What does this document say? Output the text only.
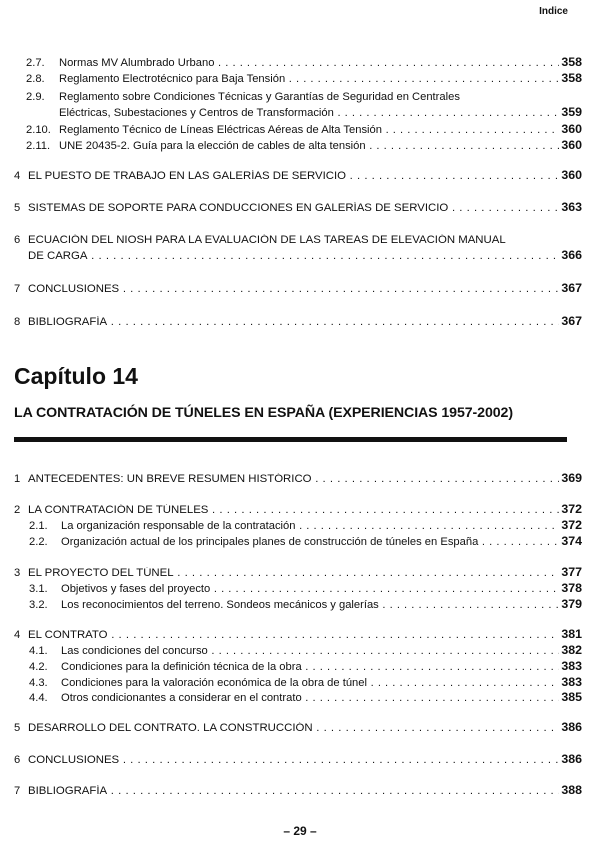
Indice
2.7. Normas MV Alumbrado Urbano . . .	358
2.8. Reglamento Electrotécnico para Baja Tensión . . .	358
2.9. Reglamento sobre Condiciones Técnicas y Garantías de Seguridad en Centrales
Eléctricas, Subestaciones y Centros de Transformación . . .	359
2.10. Reglamento Técnico de Líneas Eléctricas Aéreas de Alta Tensión . . .	360
2.11. UNE 20435-2. Guía para la elección de cables de alta tensión . . .	360
4 EL PUESTO DE TRABAJO EN LAS GALERÍAS DE SERVICIO . . .	360
5 SISTEMAS DE SOPORTE PARA CONDUCCIONES EN GALERÍAS DE SERVICIO . . .	363
6 ECUACIÓN DEL NIOSH PARA LA EVALUACIÓN DE LAS TAREAS DE ELEVACIÓN MANUAL
DE CARGA . . .	366
7 CONCLUSIONES . . .	367
8 BIBLIOGRAFÍA . . .	367
Capítulo 14
LA CONTRATACIÓN DE TÚNELES EN ESPAÑA (EXPERIENCIAS 1957-2002)
1 ANTECEDENTES: UN BREVE RESUMEN HISTÓRICO . . .	369
2 LA CONTRATACIÓN DE TÚNELES . . .	372
2.1. La organización responsable de la contratación . . .	372
2.2. Organización actual de los principales planes de construcción de túneles en España . . .	374
3 EL PROYECTO DEL TÚNEL . . .	377
3.1. Objetivos y fases del proyecto . . .	378
3.2. Los reconocimientos del terreno. Sondeos mecánicos y galerías . . .	379
4 EL CONTRATO . . .	381
4.1. Las condiciones del concurso . . .	382
4.2. Condiciones para la definición técnica de la obra . . .	383
4.3. Condiciones para la valoración económica de la obra de túnel . . .	383
4.4. Otros condicionantes a considerar en el contrato . . .	385
5 DESARROLLO DEL CONTRATO. LA CONSTRUCCIÓN . . .	386
6 CONCLUSIONES . . .	386
7 BIBLIOGRAFÍA . . .	388
– 29 –
